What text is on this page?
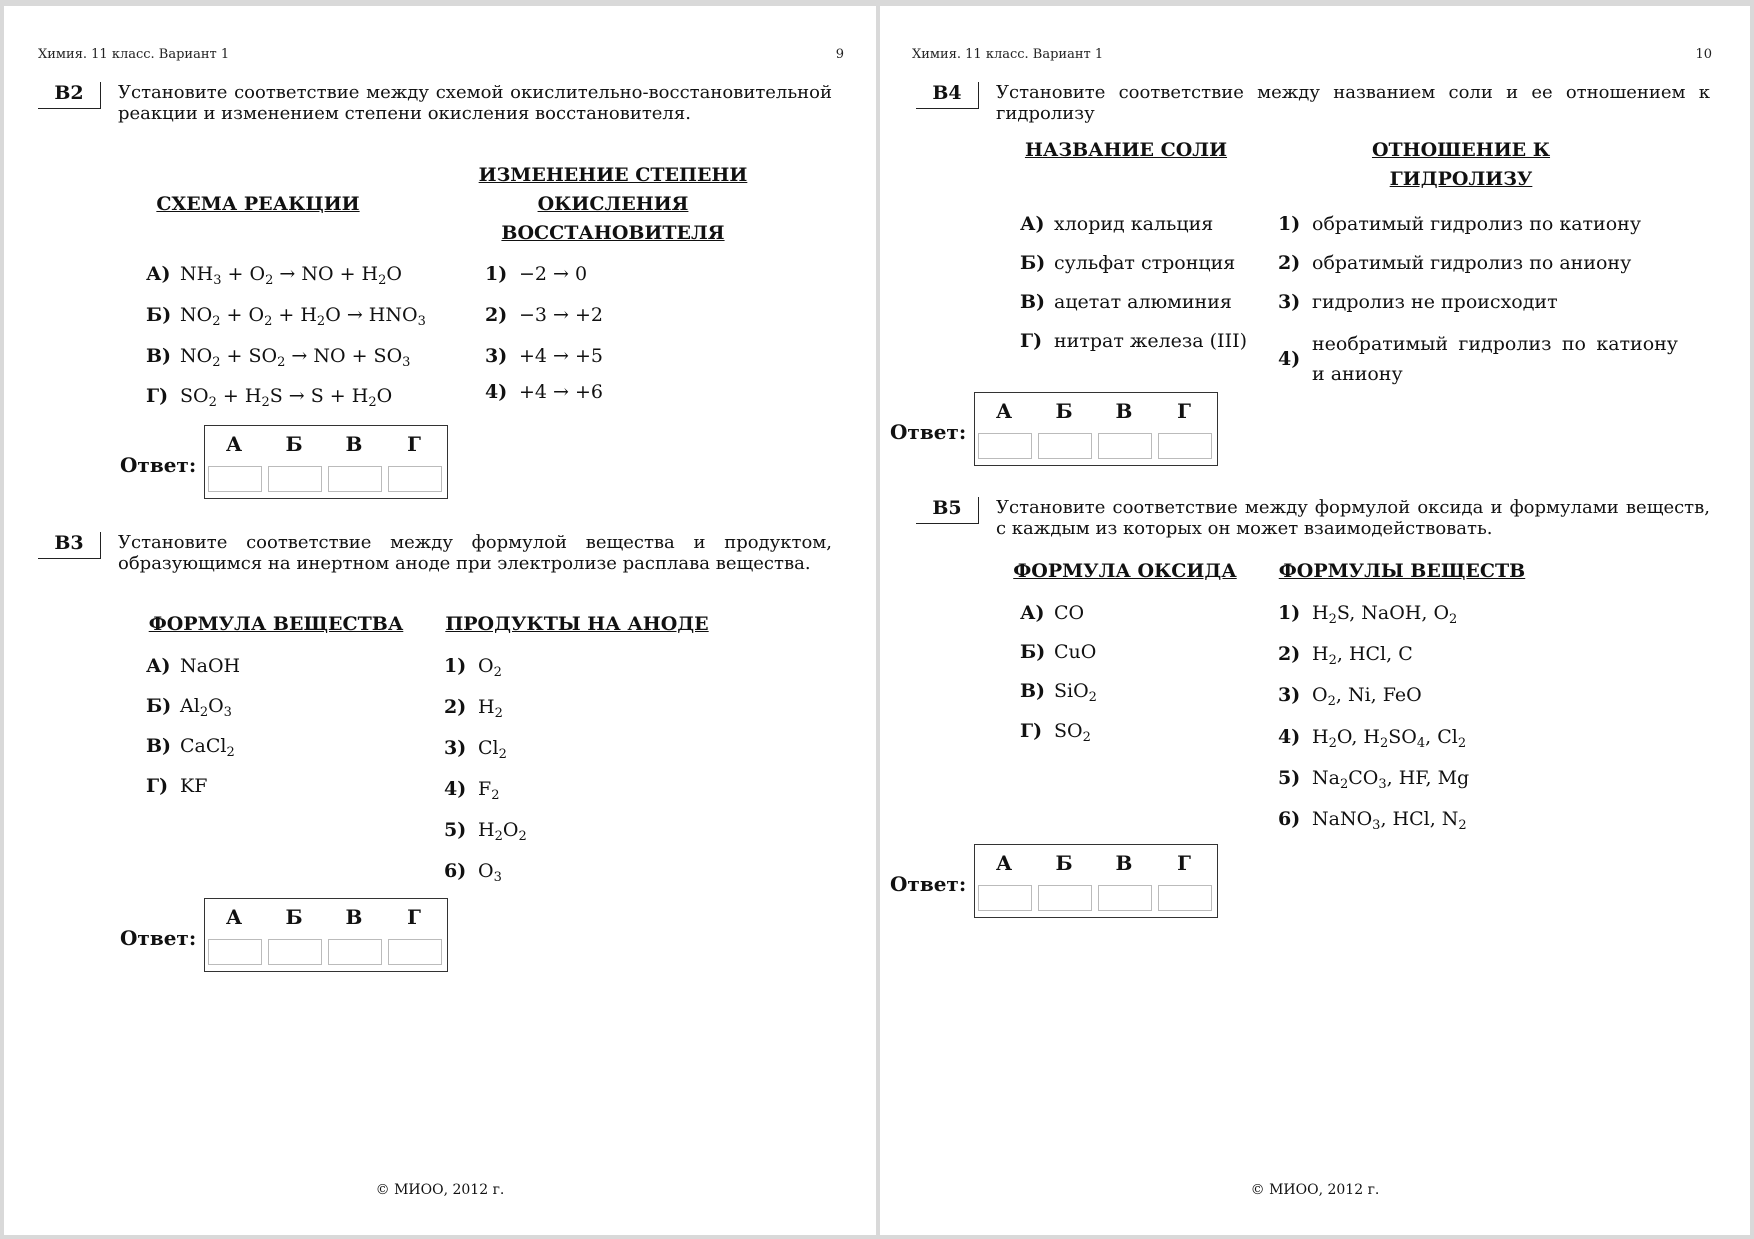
Химия. 11 класс. Вариант 1	9
B2	Установите соответствие между схемой окислительно-восстановительной реакции и изменением степени окисления восстановителя.
СХЕМА РЕАКЦИИ
ИЗМЕНЕНИЕ СТЕПЕНИ ОКИСЛЕНИЯ ВОССТАНОВИТЕЛЯ
А) $NH_3 + O_2$ → NO + $H_2O$
Б) $NO_2 + O_2 + H_2O \to HNO_3$
В) $NO_2 + SO_2$ → NO + $SO_3$
Г) $SO_2 + H_2S \to S + H_2O$
1) −2 → 0
2) −3 → +2
3) +4 → +5
4) +4 → +6
Ответ:
А	Б	В	Г
B3	Установите соответствие между формулой вещества и продуктом, образующимся на инертном аноде при электролизе расплава вещества.
ФОРМУЛА ВЕЩЕСТВА	ПРОДУКТЫ НА АНОДЕ
А) NaOH
Б) $Al_2O_3$
В) CaCl$_2$
Г) KF
1) $O_2$
2) $H_2$
3) $Cl_2$
4) $F_2$
5) $H_2O_2$
6) $O_3$
Ответ:
А	Б	В	Г
© МИОО, 2012 г.
Химия. 11 класс. Вариант 1	10
B4	Установите соответствие между названием соли и ее отношением к гидролизу
НАЗВАНИЕ СОЛИ	ОТНОШЕНИЕ К ГИДРОЛИЗУ
А) хлорид кальция
Б) сульфат стронция
В) ацетат алюминия
Г) нитрат железа (III)
1) обратимый гидролиз по катиону
2) обратимый гидролиз по аниону
3) гидролиз не происходит
4)
необратимый гидролиз по катиону и аниону
Ответ:
А	Б	В	Г
B5	Установите соответствие между формулой оксида и формулами веществ, с каждым из которых он может взаимодействовать.
ФОРМУЛА ОКСИДА	ФОРМУЛЫ ВЕЩЕСТВ
А) CO
Б) CuO
В) SiO$_2$
Г) $SO_2$
1) $H_2S$, NaOH, $O_2$
2) $H_2$, HCl, C
3) $O_2$, Ni, FeO
4) $H_2O$, $H_2SO_4$, $Cl_2$
5) $Na_2CO_3$, HF, Mg
6) NaNO$_3$, HCl, $N_2$
Ответ:
А	Б	В	Г
© МИОО, 2012 г.
